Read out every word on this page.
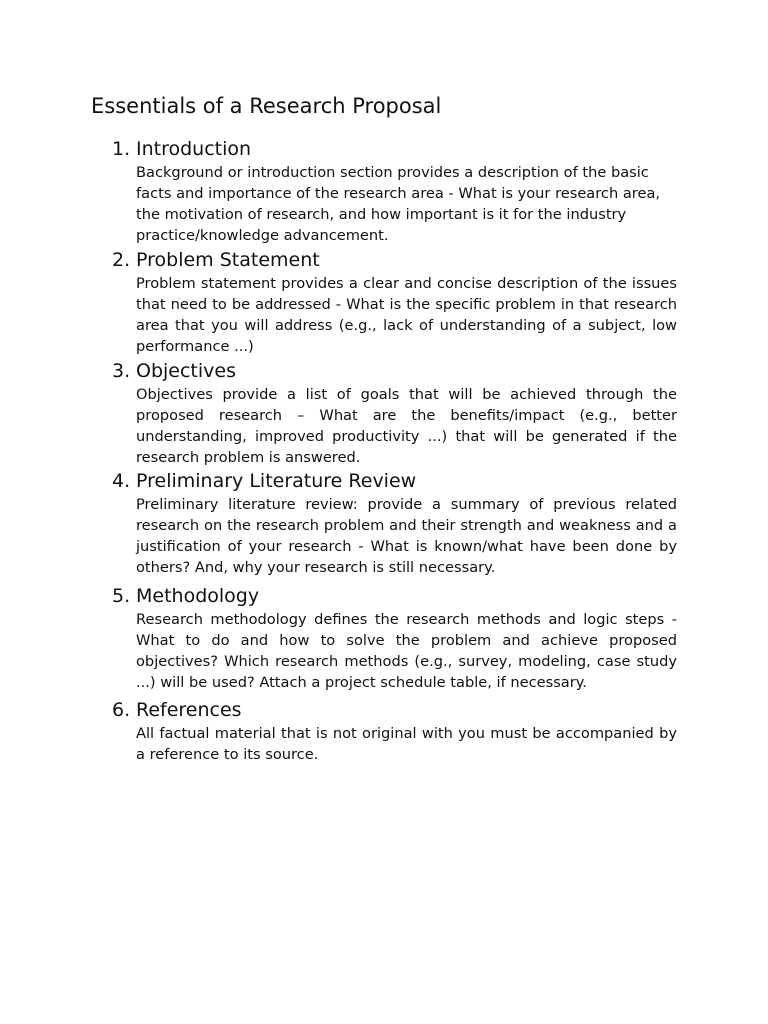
Essentials of a Research Proposal
1. Introduction

Background or introduction section provides a description of the basic facts and importance of the research area - What is your research area, the motivation of research, and how important is it for the industry practice/knowledge advancement.

2. Problem Statement

Problem statement provides a clear and concise description of the issues that need to be addressed - What is the specific problem in that research area that you will address (e.g., lack of understanding of a subject, low performance ...)

3. Objectives

Objectives provide a list of goals that will be achieved through the proposed research – What are the benefits/impact (e.g., better understanding, improved productivity ...) that will be generated if the research problem is answered.

4. Preliminary Literature Review

Preliminary literature review: provide a summary of previous related research on the research problem and their strength and weakness and a justification of your research - What is known/what have been done by others? And, why your research is still necessary.

5. Methodology

Research methodology defines the research methods and logic steps - What to do and how to solve the problem and achieve proposed objectives? Which research methods (e.g., survey, modeling, case study ...) will be used? Attach a project schedule table, if necessary.

6. References

All factual material that is not original with you must be accompanied by a reference to its source.
